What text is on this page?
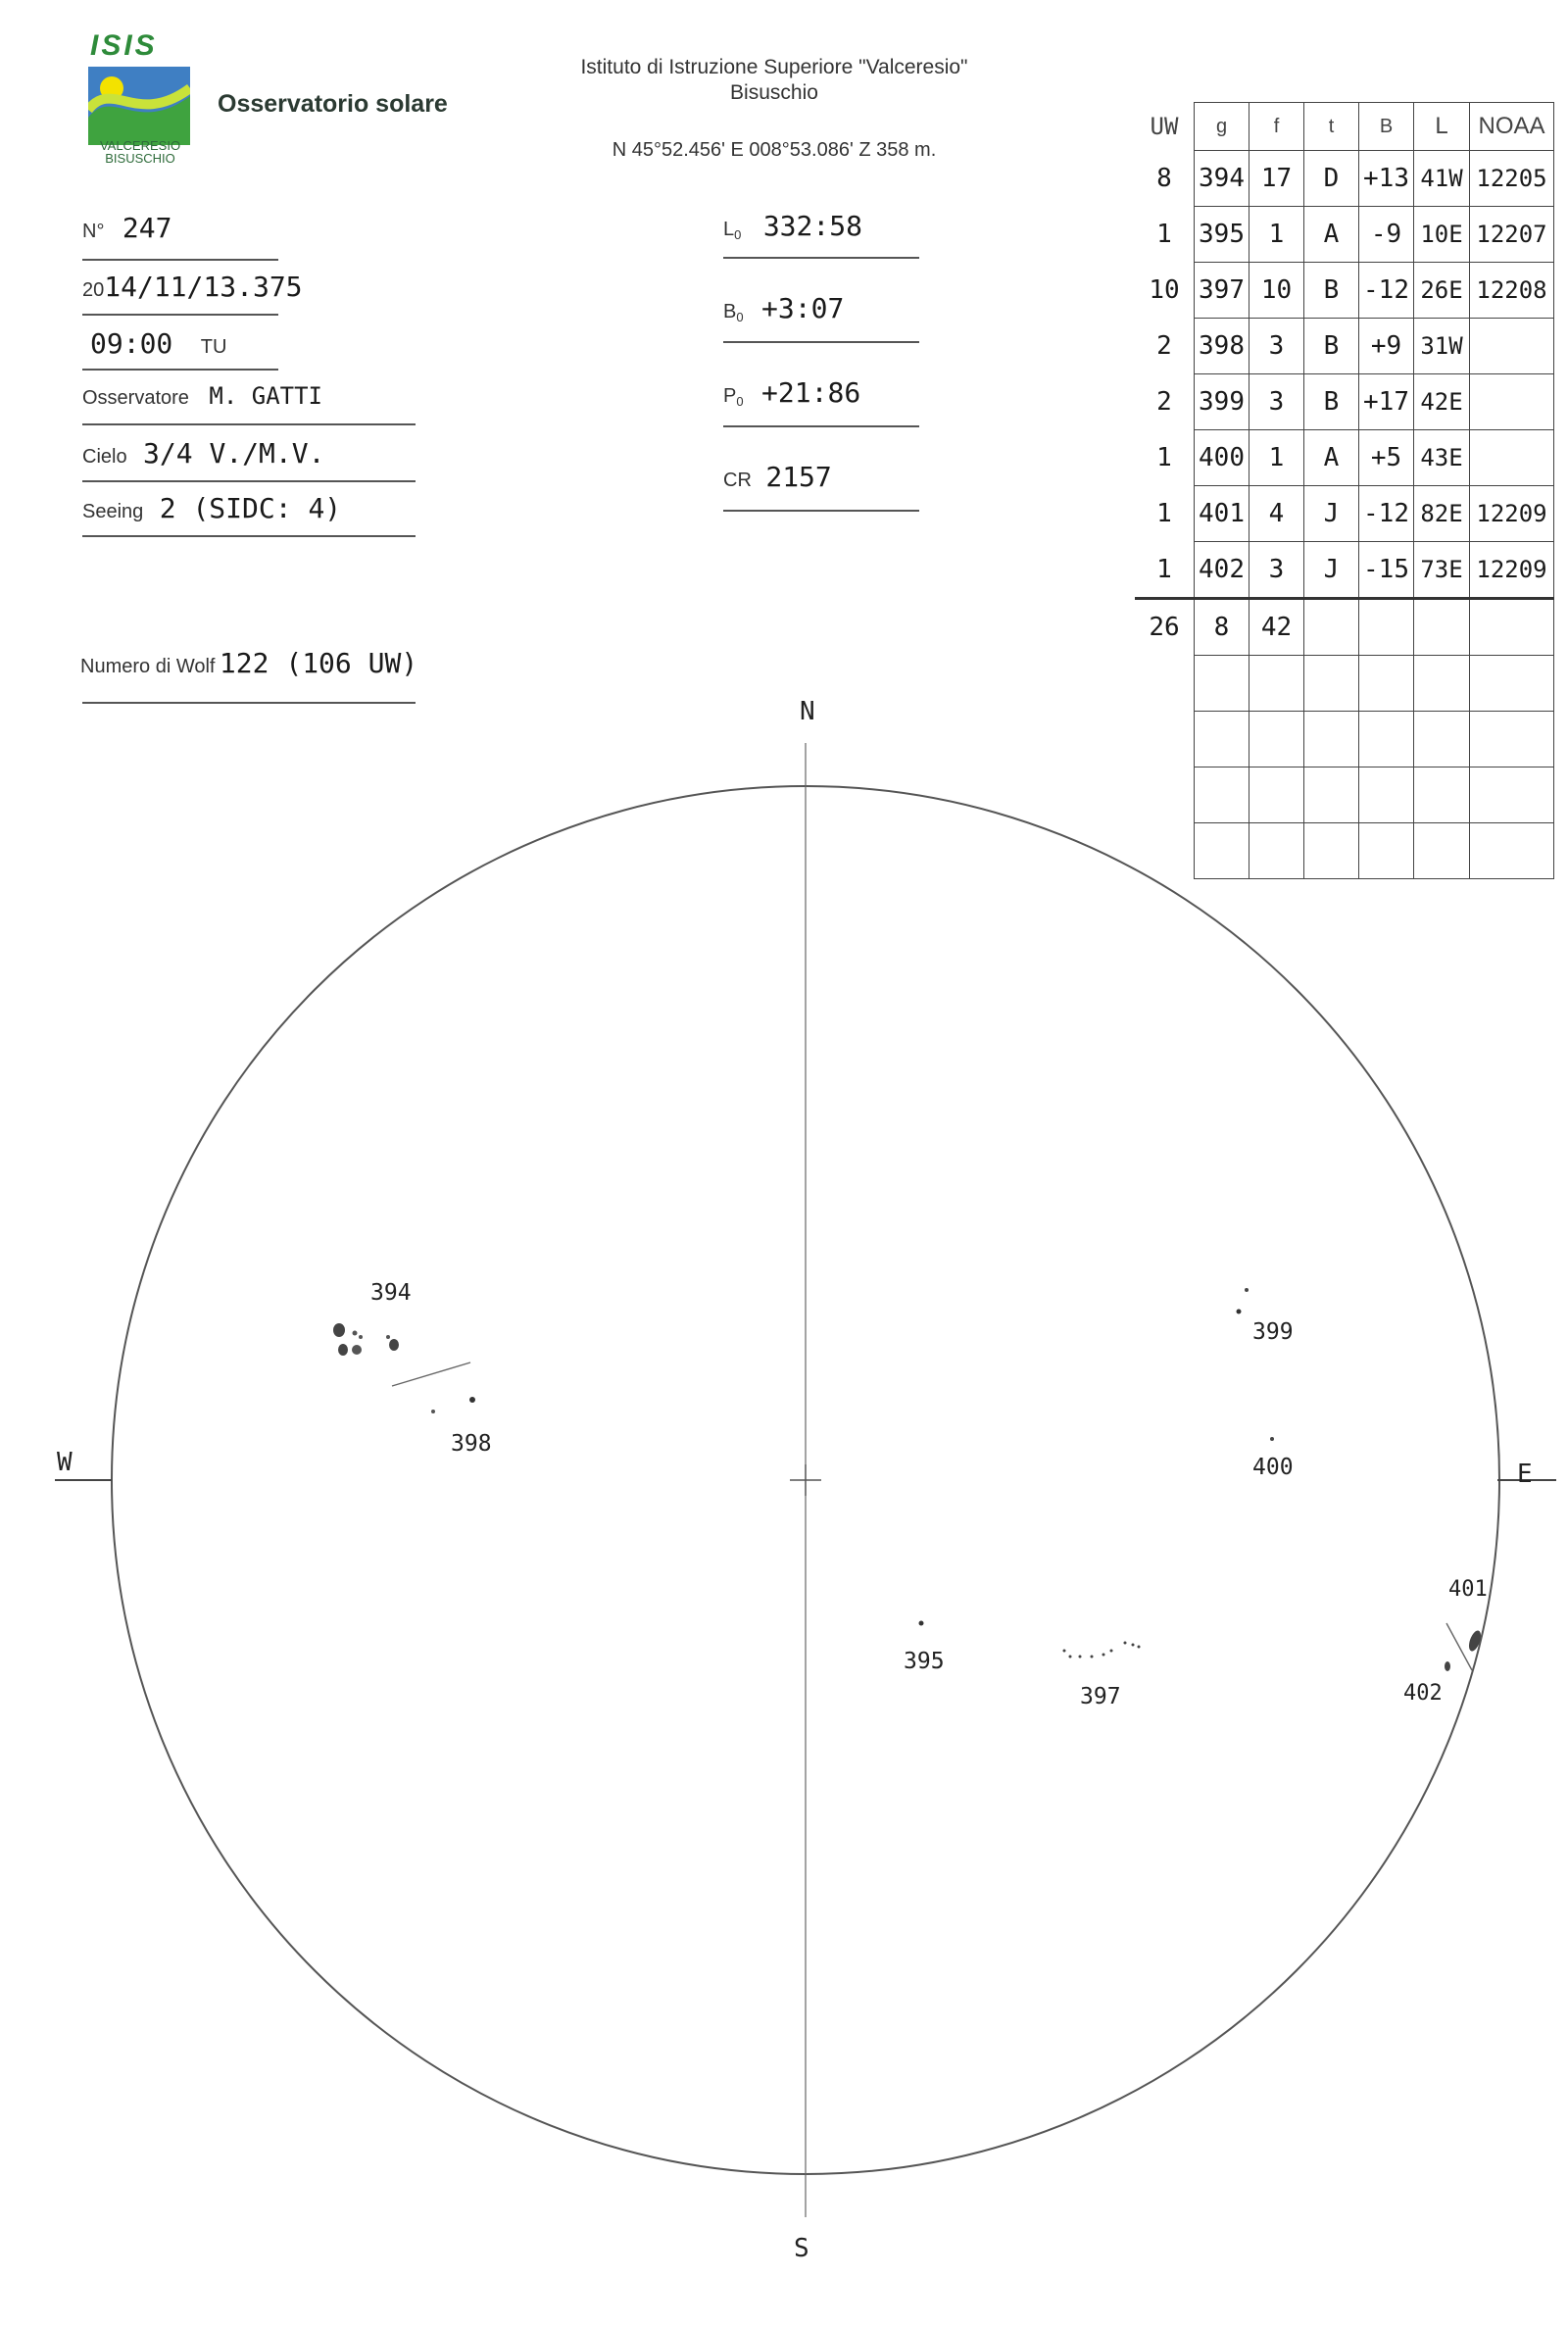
ISIS
VALCERESIO
BISUSCHIO
Osservatorio solare
Istituto di Istruzione Superiore "Valceresio"
Bisuschio
N 45°52.456' E 008°53.086' Z 358 m.
N° 247
2014/11/13.375
09:00 TU
Osservatore M. GATTI
Cielo 3/4 V./M.V.
Seeing 2 (SIDC: 4)
Numero di Wolf 122 (106 UW)
$L_0$ 332:58
$B_0$ +3:07
$P_0$ +21:86
CR 2157
UW	g	f	t	B	L	NOAA
8	394	17	D	+13	41W	12205
1	395	1	A	-9	10E	12207
10	397	10	B	-12	26E	12208
2	398	3	B	+9	31W	
2	399	3	B	+17	42E	
1	400	1	A	+5	43E	
1	401	4	J	-12	82E	12209
1	402	3	J	-15	73E	12209
26	8	42				

N
S
W	E
394
398
399
400
395
397
401
402
